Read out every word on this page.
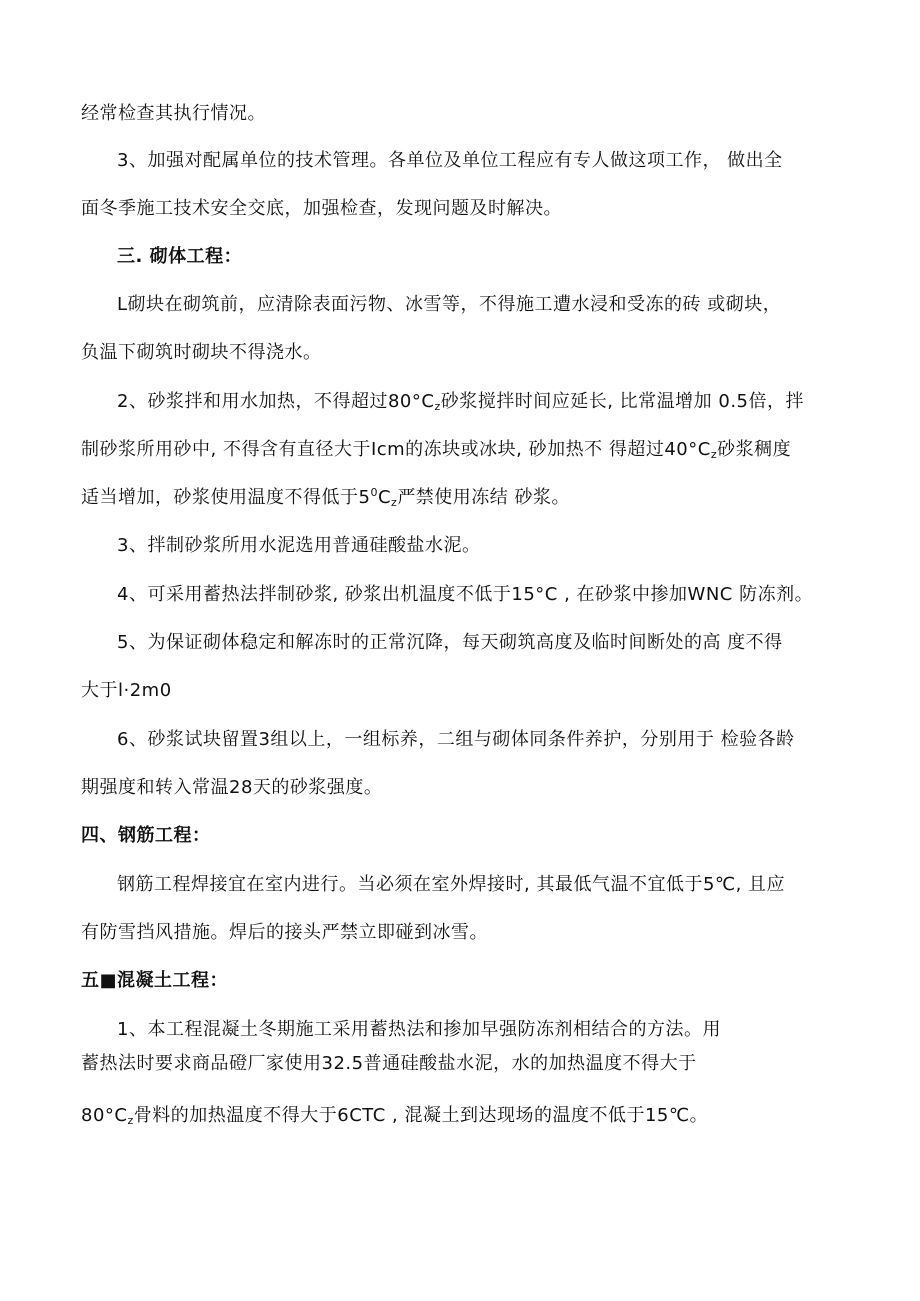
经常检查其执行情况。
3、加强对配属单位的技术管理。各单位及单位工程应有专人做这项工作， 做出全
面冬季施工技术安全交底，加强检查，发现问题及时解决。
三. 砌体工程：
L砌块在砌筑前，应清除表面污物、冰雪等，不得施工遭水浸和受冻的砖 或砌块，
负温下砌筑时砌块不得浇水。
2、砂浆拌和用水加热，不得超过$80^\circ C_z$砂浆搅拌时间应延长, 比常温增加 0.5倍，拌
制砂浆所用砂中, 不得含有直径大于Icm的冻块或冰块, 砂加热不 得超过$40^\circ C_z$砂浆稠度
适当增加，砂浆使用温度不得低于$5^0C_z$严禁使用冻结 砂浆。
3、拌制砂浆所用水泥选用普通硅酸盐水泥。
4、可采用蓄热法拌制砂浆, 砂浆出机温度不低于15°C , 在砂浆中掺加WNC 防冻剂。
5、为保证砌体稳定和解冻时的正常沉降，每天砌筑高度及临时间断处的高 度不得
大于l·2m0
6、砂浆试块留置3组以上，一组标养，二组与砌体同条件养护，分别用于 检验各龄
期强度和转入常温28天的砂浆强度。
四、钢筋工程：
钢筋工程焊接宜在室内进行。当必须在室外焊接时, 其最低气温不宜低于5℃, 且应
有防雪挡风措施。焊后的接头严禁立即碰到冰雪。
五■混凝土工程：
1、本工程混凝土冬期施工采用蓄热法和掺加早强防冻剂相结合的方法。用
蓄热法时要求商品磴厂家使用32.5普通硅酸盐水泥，水的加热温度不得大于
$80^\circ C_z$骨料的加热温度不得大于6CTC , 混凝土到达现场的温度不低于15℃。
